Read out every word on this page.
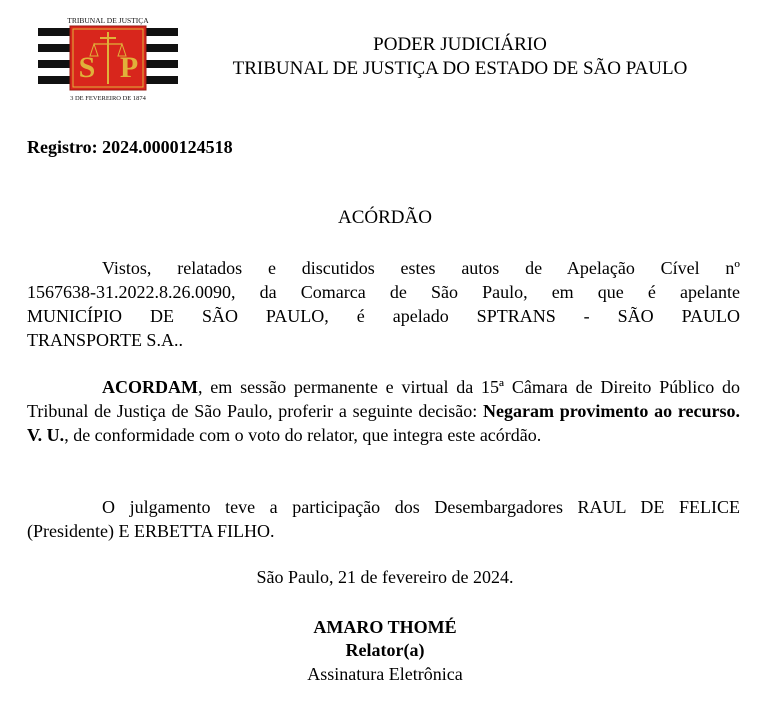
TRIBUNAL DE JUSTIÇA
S P
3 DE FEVEREIRO DE 1874
PODER JUDICIÁRIO
TRIBUNAL DE JUSTIÇA DO ESTADO DE SÃO PAULO
Registro: 2024.0000124518
ACÓRDÃO

Vistos, relatados e discutidos estes autos de Apelação Cível nº

1567638-31.2022.8.26.0090, da Comarca de São Paulo, em que é apelante

MUNICÍPIO DE SÃO PAULO, é apelado SPTRANS - SÃO PAULO

TRANSPORTE S.A..

ACORDAM, em sessão permanente e virtual da 15ª Câmara de Direito Público do Tribunal de Justiça de São Paulo, proferir a seguinte decisão: Negaram provimento ao recurso. V. U., de conformidade com o voto do relator, que integra este acórdão.

O julgamento teve a participação dos Desembargadores RAUL DE FELICE (Presidente) E ERBETTA FILHO.

São Paulo, 21 de fevereiro de 2024.
AMARO THOMÉ
Relator(a)
Assinatura Eletrônica
